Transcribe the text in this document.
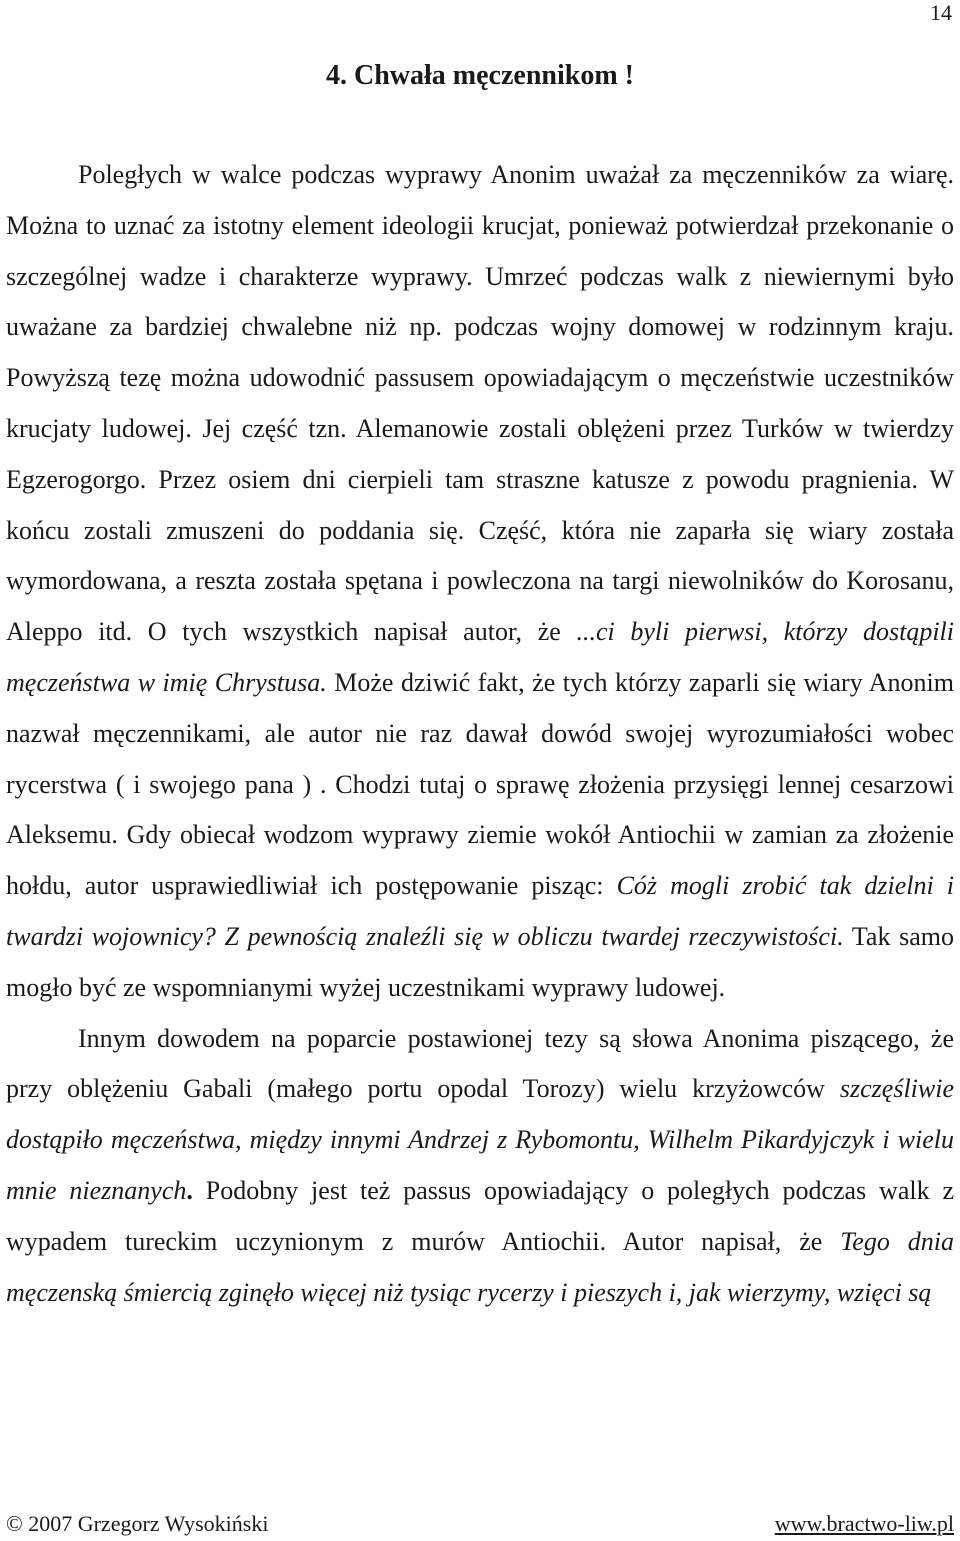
14
4. Chwała męczennikom !

Poległych w walce podczas wyprawy Anonim uważał za męczenników za wiarę. Można to uznać za istotny element ideologii krucjat, ponieważ potwierdzał przekonanie o szczególnej wadze i charakterze wyprawy. Umrzeć podczas walk z niewiernymi było uważane za bardziej chwalebne niż np. podczas wojny domowej w rodzinnym kraju. Powyższą tezę można udowodnić passusem opowiadającym o męczeństwie uczestników krucjaty ludowej. Jej część tzn. Alemanowie zostali oblężeni przez Turków w twierdzy Egzerogorgo. Przez osiem dni cierpieli tam straszne katusze z powodu pragnienia. W końcu zostali zmuszeni do poddania się. Część, która nie zaparła się wiary została wymordowana, a reszta została spętana i powleczona na targi niewolników do Korosanu, Aleppo itd. O tych wszystkich napisał autor, że ...ci byli pierwsi, którzy dostąpili męczeństwa w imię Chrystusa. Może dziwić fakt, że tych którzy zaparli się wiary Anonim nazwał męczennikami, ale autor nie raz dawał dowód swojej wyrozumiałości wobec rycerstwa ( i swojego pana ) . Chodzi tutaj o sprawę złożenia przysięgi lennej cesarzowi Aleksemu. Gdy obiecał wodzom wyprawy ziemie wokół Antiochii w zamian za złożenie hołdu, autor usprawiedliwiał ich postępowanie pisząc: Cóż mogli zrobić tak dzielni i twardzi wojownicy? Z pewnością znaleźli się w obliczu twardej rzeczywistości. Tak samo mogło być ze wspomnianymi wyżej uczestnikami wyprawy ludowej.

Innym dowodem na poparcie postawionej tezy są słowa Anonima piszącego, że przy oblężeniu Gabali (małego portu opodal Torozy) wielu krzyżowców szczęśliwie dostąpiło męczeństwa, między innymi Andrzej z Rybomontu, Wilhelm Pikardyjczyk i wielu mnie nieznanych. Podobny jest też passus opowiadający o poległych podczas walk z wypadem tureckim uczynionym z murów Antiochii. Autor napisał, że Tego dnia męczenską śmiercią zginęło więcej niż tysiąc rycerzy i pieszych i, jak wierzymy, wzięci są

© 2007 Grzegorz Wysokiński	www.bractwo-liw.pl
